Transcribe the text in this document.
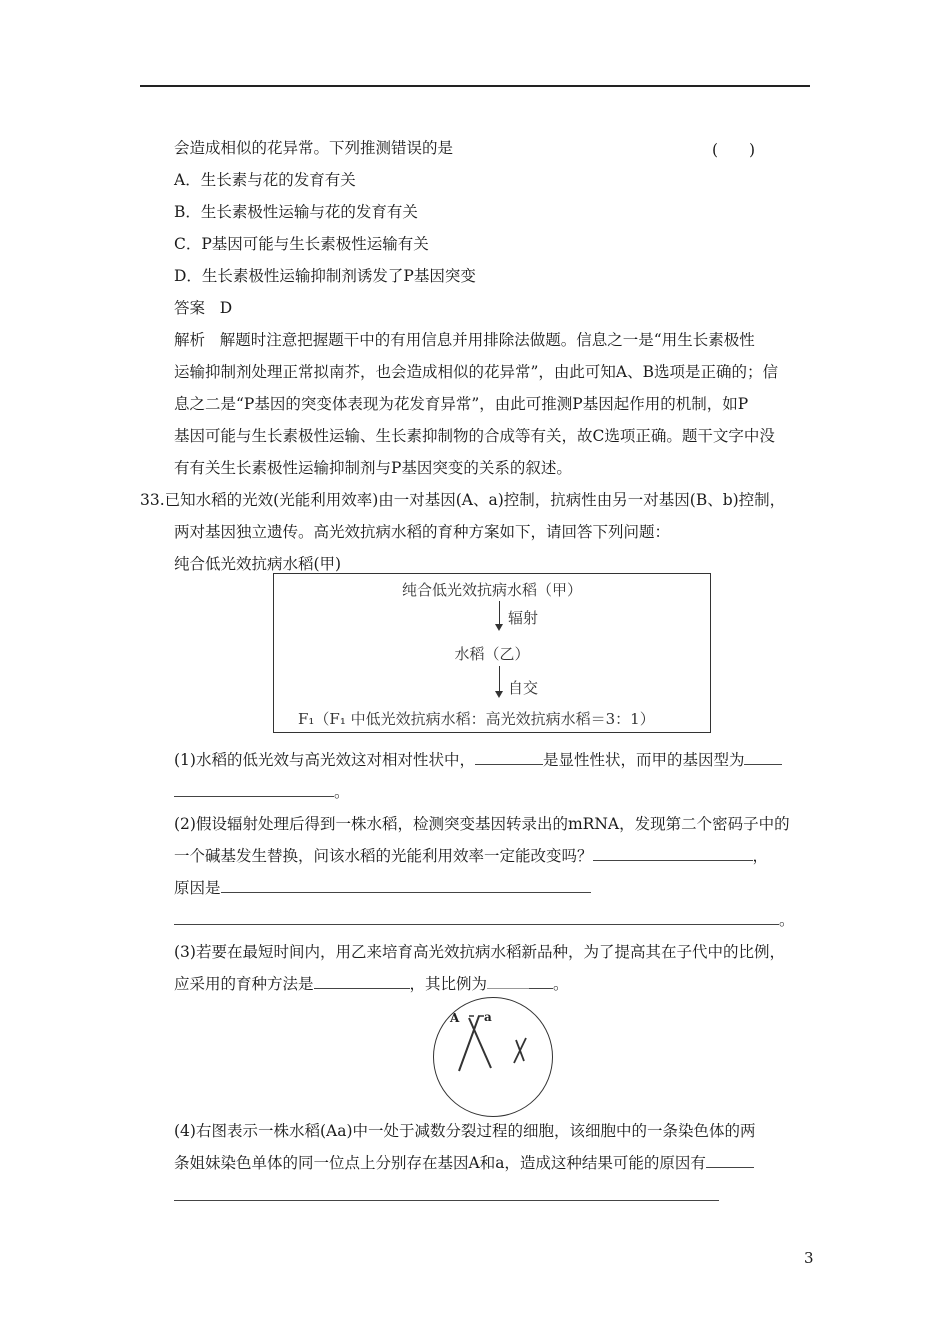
会造成相似的花异常。下列推测错误的是	(　　)
A．生长素与花的发育有关
B．生长素极性运输与花的发育有关
C．P基因可能与生长素极性运输有关
D．生长素极性运输抑制剂诱发了P基因突变
答案 D
解析 解题时注意把握题干中的有用信息并用排除法做题。信息之一是“用生长素极性
运输抑制剂处理正常拟南芥，也会造成相似的花异常”，由此可知A、B选项是正确的；信
息之二是“P基因的突变体表现为花发育异常”，由此可推测P基因起作用的机制，如P
基因可能与生长素极性运输、生长素抑制物的合成等有关，故C选项正确。题干文字中没
有有关生长素极性运输抑制剂与P基因突变的关系的叙述。
33.已知水稻的光效(光能利用效率)由一对基因(A、a)控制，抗病性由另一对基因(B、b)控制，
两对基因独立遗传。高光效抗病水稻的育种方案如下，请回答下列问题：
纯合低光效抗病水稻(甲)
纯合低光效抗病水稻（甲）
辐射
水稻（乙）
自交
F₁（F₁ 中低光效抗病水稻：高光效抗病水稻＝3：1）
(1)水稻的低光效与高光效这对相对性状中，	是显性性状，而甲的基因型为
。
(2)假设辐射处理后得到一株水稻，检测突变基因转录出的mRNA，发现第二个密码子中的
一个碱基发生替换，问该水稻的光能利用效率一定能改变吗？	，
原因是
。
(3)若要在最短时间内，用乙来培育高光效抗病水稻新品种，为了提高其在子代中的比例，
应采用的育种方法是	，其比例为	。
A a
(4)右图表示一株水稻(Aa)中一处于减数分裂过程的细胞，该细胞中的一条染色体的两
条姐妹染色单体的同一位点上分别存在基因A和a，造成这种结果可能的原因有
3
